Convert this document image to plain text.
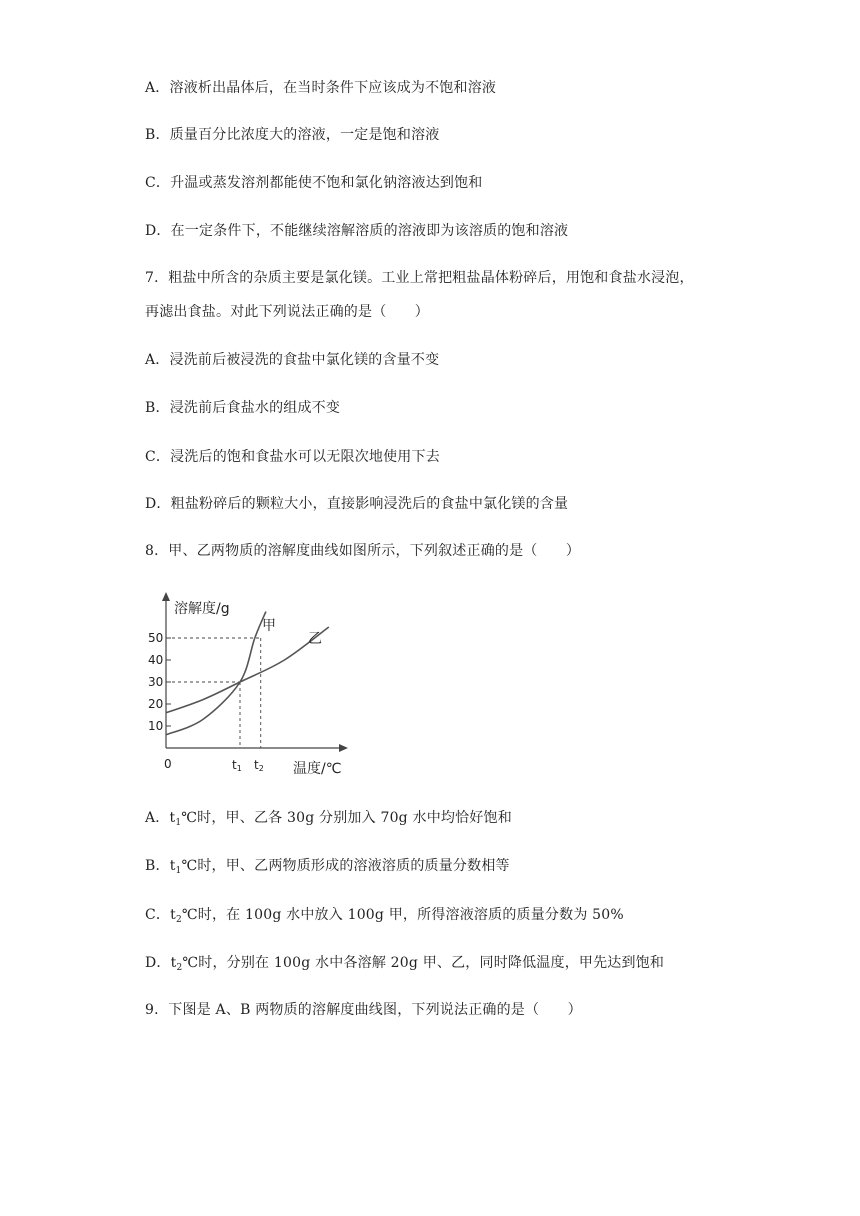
A．溶液析出晶体后，在当时条件下应该成为不饱和溶液
B．质量百分比浓度大的溶液，一定是饱和溶液
C．升温或蒸发溶剂都能使不饱和氯化钠溶液达到饱和
D．在一定条件下，不能继续溶解溶质的溶液即为该溶质的饱和溶液
7．粗盐中所含的杂质主要是氯化镁。工业上常把粗盐晶体粉碎后，用饱和食盐水浸泡，
再滤出食盐。对此下列说法正确的是（　　）
A．浸洗前后被浸洗的食盐中氯化镁的含量不变
B．浸洗前后食盐水的组成不变
C．浸洗后的饱和食盐水可以无限次地使用下去
D．粗盐粉碎后的颗粒大小，直接影响浸洗后的食盐中氯化镁的含量
8．甲、乙两物质的溶解度曲线如图所示，下列叙述正确的是（　　）
10
20
30
40
50
溶解度/g
甲
乙
0	t1 t2 温度/℃
A．$t_1℃$时，甲、乙各 30g 分别加入 70g 水中均恰好饱和
B．$t_1℃$时，甲、乙两物质形成的溶液溶质的质量分数相等
C．$t_2℃$时，在 100g 水中放入 100g 甲，所得溶液溶质的质量分数为 50%
D．$t_2℃$时，分别在 100g 水中各溶解 20g 甲、乙，同时降低温度，甲先达到饱和
9．下图是 A、B 两物质的溶解度曲线图，下列说法正确的是（　　）
